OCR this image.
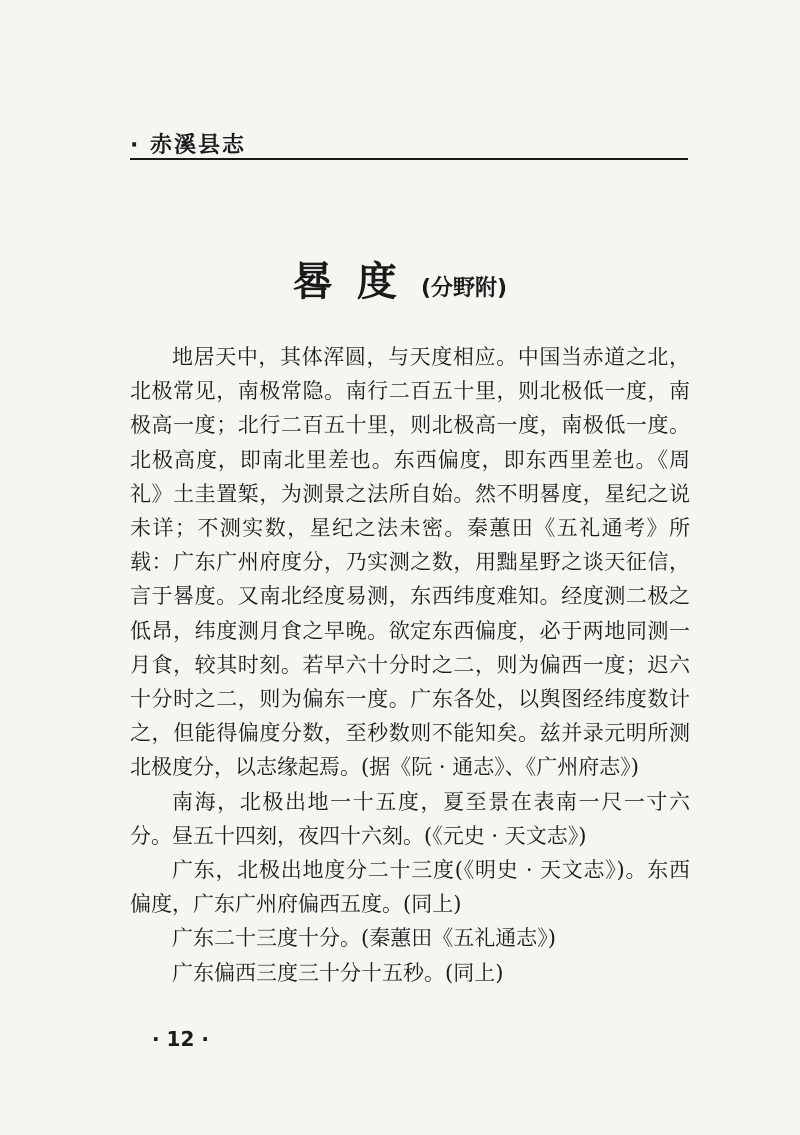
· 赤溪县志
晷度(分野附)

地居天中，其体浑圆，与天度相应。中国当赤道之北，北极常见，南极常隐。南行二百五十里，则北极低一度，南极高一度；北行二百五十里，则北极高一度，南极低一度。北极高度，即南北里差也。东西偏度，即东西里差也。《周礼》土圭置椠，为测景之法所自始。然不明晷度，星纪之说未详；不测实数，星纪之法未密。秦蕙田《五礼通考》所载：广东广州府度分，乃实测之数，用黜星野之谈天征信，言于晷度。又南北经度易测，东西纬度难知。经度测二极之低昂，纬度测月食之早晚。欲定东西偏度，必于两地同测一月食，较其时刻。若早六十分时之二，则为偏西一度；迟六十分时之二，则为偏东一度。广东各处，以舆图经纬度数计之，但能得偏度分数，至秒数则不能知矣。兹并录元明所测北极度分，以志缘起焉。(据《阮 · 通志》、《广州府志》)

南海，北极出地一十五度，夏至景在表南一尺一寸六分。昼五十四刻，夜四十六刻。(《元史 · 天文志》)

广东，北极出地度分二十三度(《明史 · 天文志》)。东西偏度，广东广州府偏西五度。(同上)

广东二十三度十分。(秦蕙田《五礼通志》)

广东偏西三度三十分十五秒。(同上)

· 12 ·
